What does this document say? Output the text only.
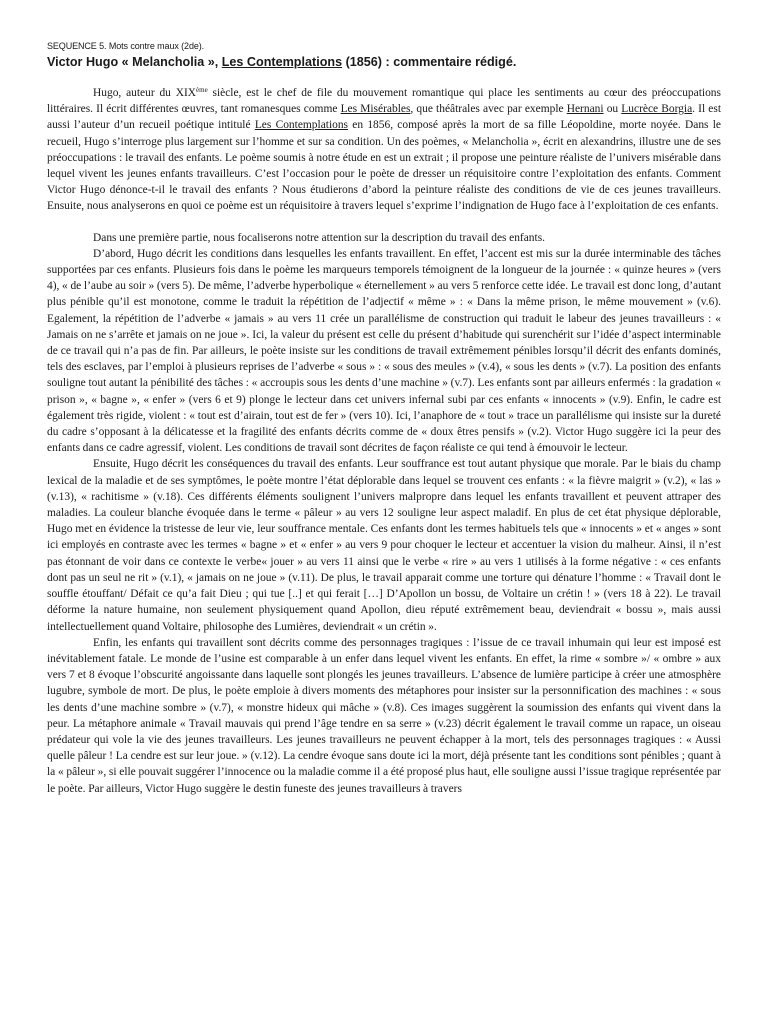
SEQUENCE 5. Mots contre maux (2de).

Victor Hugo « Melancholia », Les Contemplations (1856) : commentaire rédigé.

Hugo, auteur du XIXème siècle, est le chef de file du mouvement romantique qui place les sentiments au cœur des préoccupations littéraires. Il écrit différentes œuvres, tant romanesques comme Les Misérables, que théâtrales avec par exemple Hernani ou Lucrèce Borgia. Il est aussi l’auteur d’un recueil poétique intitulé Les Contemplations en 1856, composé après la mort de sa fille Léopoldine, morte noyée. Dans le recueil, Hugo s’interroge plus largement sur l’homme et sur sa condition. Un des poèmes, « Melancholia », écrit en alexandrins, illustre une de ses préoccupations : le travail des enfants. Le poème soumis à notre étude en est un extrait ; il propose une peinture réaliste de l’univers misérable dans lequel vivent les jeunes enfants travailleurs. C’est l’occasion pour le poète de dresser un réquisitoire contre l’exploitation des enfants. Comment Victor Hugo dénonce-t-il le travail des enfants ? Nous étudierons d’abord la peinture réaliste des conditions de vie de ces jeunes travailleurs. Ensuite, nous analyserons en quoi ce poème est un réquisitoire à travers lequel s’exprime l’indignation de Hugo face à l’exploitation de ces enfants.

Dans une première partie, nous focaliserons notre attention sur la description du travail des enfants.

D’abord, Hugo décrit les conditions dans lesquelles les enfants travaillent. En effet, l’accent est mis sur la durée interminable des tâches supportées par ces enfants. Plusieurs fois dans le poème les marqueurs temporels témoignent de la longueur de la journée : « quinze heures » (vers 4), « de l’aube au soir » (vers 5). De même, l’adverbe hyperbolique « éternellement » au vers 5 renforce cette idée. Le travail est donc long, d’autant plus pénible qu’il est monotone, comme le traduit la répétition de l’adjectif « même » : « Dans la même prison, le même mouvement » (v.6). Egalement, la répétition de l’adverbe « jamais » au vers 11 crée un parallélisme de construction qui traduit le labeur des jeunes travailleurs : « Jamais on ne s’arrête et jamais on ne joue ». Ici, la valeur du présent est celle du présent d’habitude qui surenchérit sur l’idée d’aspect interminable de ce travail qui n’a pas de fin. Par ailleurs, le poète insiste sur les conditions de travail extrêmement pénibles lorsqu’il décrit des enfants dominés, tels des esclaves, par l’emploi à plusieurs reprises de l’adverbe « sous » : « sous des meules » (v.4), « sous les dents » (v.7). La position des enfants souligne tout autant la pénibilité des tâches : « accroupis sous les dents d’une machine » (v.7). Les enfants sont par ailleurs enfermés : la gradation « prison », « bagne », « enfer » (vers 6 et 9) plonge le lecteur dans cet univers infernal subi par ces enfants « innocents » (v.9). Enfin, le cadre est également très rigide, violent : « tout est d’airain, tout est de fer » (vers 10). Ici, l’anaphore de « tout » trace un parallélisme qui insiste sur la dureté du cadre s’opposant à la délicatesse et la fragilité des enfants décrits comme de « doux êtres pensifs » (v.2). Victor Hugo suggère ici la peur des enfants dans ce cadre agressif, violent. Les conditions de travail sont décrites de façon réaliste ce qui tend à émouvoir le lecteur.

Ensuite, Hugo décrit les conséquences du travail des enfants. Leur souffrance est tout autant physique que morale. Par le biais du champ lexical de la maladie et de ses symptômes, le poète montre l’état déplorable dans lequel se trouvent ces enfants : « la fièvre maigrit » (v.2), « las » (v.13), « rachitisme » (v.18). Ces différents éléments soulignent l’univers malpropre dans lequel les enfants travaillent et peuvent attraper des maladies. La couleur blanche évoquée dans le terme « pâleur » au vers 12 souligne leur aspect maladif. En plus de cet état physique déplorable, Hugo met en évidence la tristesse de leur vie, leur souffrance mentale. Ces enfants dont les termes habituels tels que « innocents » et « anges » sont ici employés en contraste avec les termes « bagne » et « enfer » au vers 9 pour choquer le lecteur et accentuer la vision du malheur. Ainsi, il n’est pas étonnant de voir dans ce contexte le verbe« jouer » au vers 11 ainsi que le verbe « rire » au vers 1 utilisés à la forme négative : « ces enfants dont pas un seul ne rit » (v.1), « jamais on ne joue » (v.11). De plus, le travail apparait comme une torture qui dénature l’homme : « Travail dont le souffle étouffant/ Défait ce qu’a fait Dieu ; qui tue [..] et qui ferait […] D’Apollon un bossu, de Voltaire un crétin ! » (vers 18 à 22). Le travail déforme la nature humaine, non seulement physiquement quand Apollon, dieu réputé extrêmement beau, deviendrait « bossu », mais aussi intellectuellement quand Voltaire, philosophe des Lumières, deviendrait « un crétin ».

Enfin, les enfants qui travaillent sont décrits comme des personnages tragiques : l’issue de ce travail inhumain qui leur est imposé est inévitablement fatale. Le monde de l’usine est comparable à un enfer dans lequel vivent les enfants. En effet, la rime « sombre »/ « ombre » aux vers 7 et 8 évoque l’obscurité angoissante dans laquelle sont plongés les jeunes travailleurs. L’absence de lumière participe à créer une atmosphère lugubre, symbole de mort. De plus, le poète emploie à divers moments des métaphores pour insister sur la personnification des machines : « sous les dents d’une machine sombre » (v.7), « monstre hideux qui mâche » (v.8). Ces images suggèrent la soumission des enfants qui vivent dans la peur. La métaphore animale « Travail mauvais qui prend l’âge tendre en sa serre » (v.23) décrit également le travail comme un rapace, un oiseau prédateur qui vole la vie des jeunes travailleurs. Les jeunes travailleurs ne peuvent échapper à la mort, tels des personnages tragiques : « Aussi quelle pâleur ! La cendre est sur leur joue. » (v.12). La cendre évoque sans doute ici la mort, déjà présente tant les conditions sont pénibles ; quant à la « pâleur », si elle pouvait suggérer l’innocence ou la maladie comme il a été proposé plus haut, elle souligne aussi l’issue tragique représentée par le poète. Par ailleurs, Victor Hugo suggère le destin funeste des jeunes travailleurs à travers
